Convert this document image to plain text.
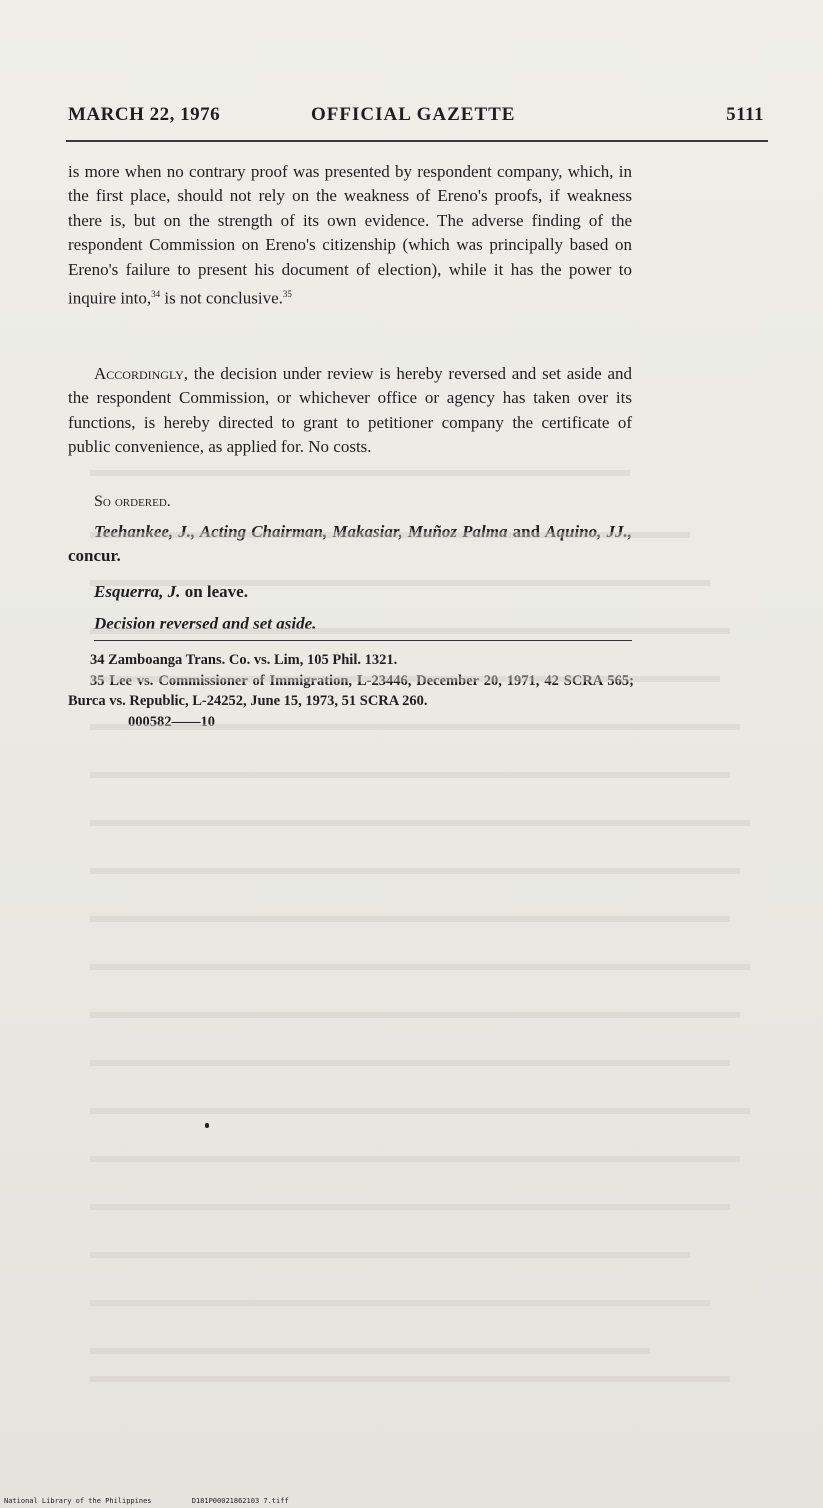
MARCH 22, 1976	OFFICIAL GAZETTE	5111
is more when no contrary proof was presented by respondent company, which, in the first place, should not rely on the weakness of Ereno's proofs, if weakness there is, but on the strength of its own evidence. The adverse finding of the respondent Commission on Ereno's citizenship (which was principally based on Ereno's failure to present his document of election), while it has the power to inquire into,$^{34}$ is not conclusive.$^{35}$
Accordingly, the decision under review is hereby reversed and set aside and the respondent Commission, or whichever office or agency has taken over its functions, is hereby directed to grant to petitioner company the certificate of public convenience, as applied for. No costs.
So ordered.
Teehankee, J., Acting Chairman, Makasiar, Muñoz Palma and Aquino, JJ., concur.
Esquerra, J. on leave.
Decision reversed and set aside.
34 Zamboanga Trans. Co. vs. Lim, 105 Phil. 1321.
35 Lee vs. Commissioner of Immigration, L-23446, December 20, 1971, 42 SCRA 565; Burca vs. Republic, L-24252, June 15, 1973, 51 SCRA 260.
000582——10
National Library of the Philippines	D181P00021862103 7.tiff
